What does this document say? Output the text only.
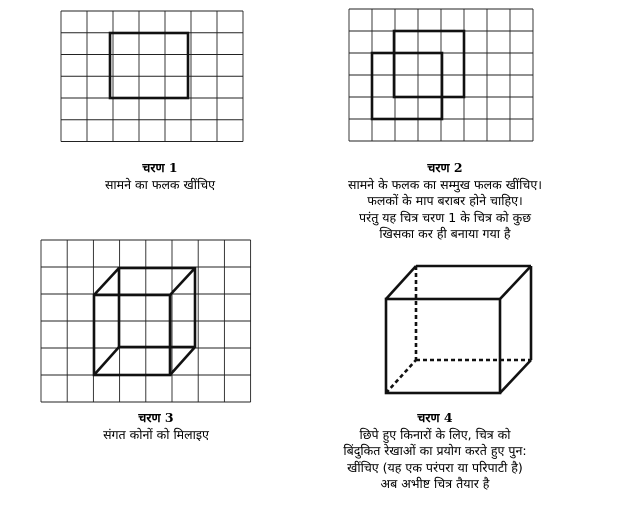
चरण 1
सामने का फलक खींचिए
चरण 2
सामने के फलक का सम्मुख फलक खींचिए।
फलकों के माप बराबर होने चाहिए।
परंतु यह चित्र चरण 1 के चित्र को कुछ
खिसका कर ही बनाया गया है
चरण 3
संगत कोनों को मिलाइए
चरण 4
छिपे हुए किनारों के लिए, चित्र को
बिंदुकित रेखाओं का प्रयोग करते हुए पुन:
खींचिए (यह एक परंपरा या परिपाटी है)
अब अभीष्ट चित्र तैयार है
